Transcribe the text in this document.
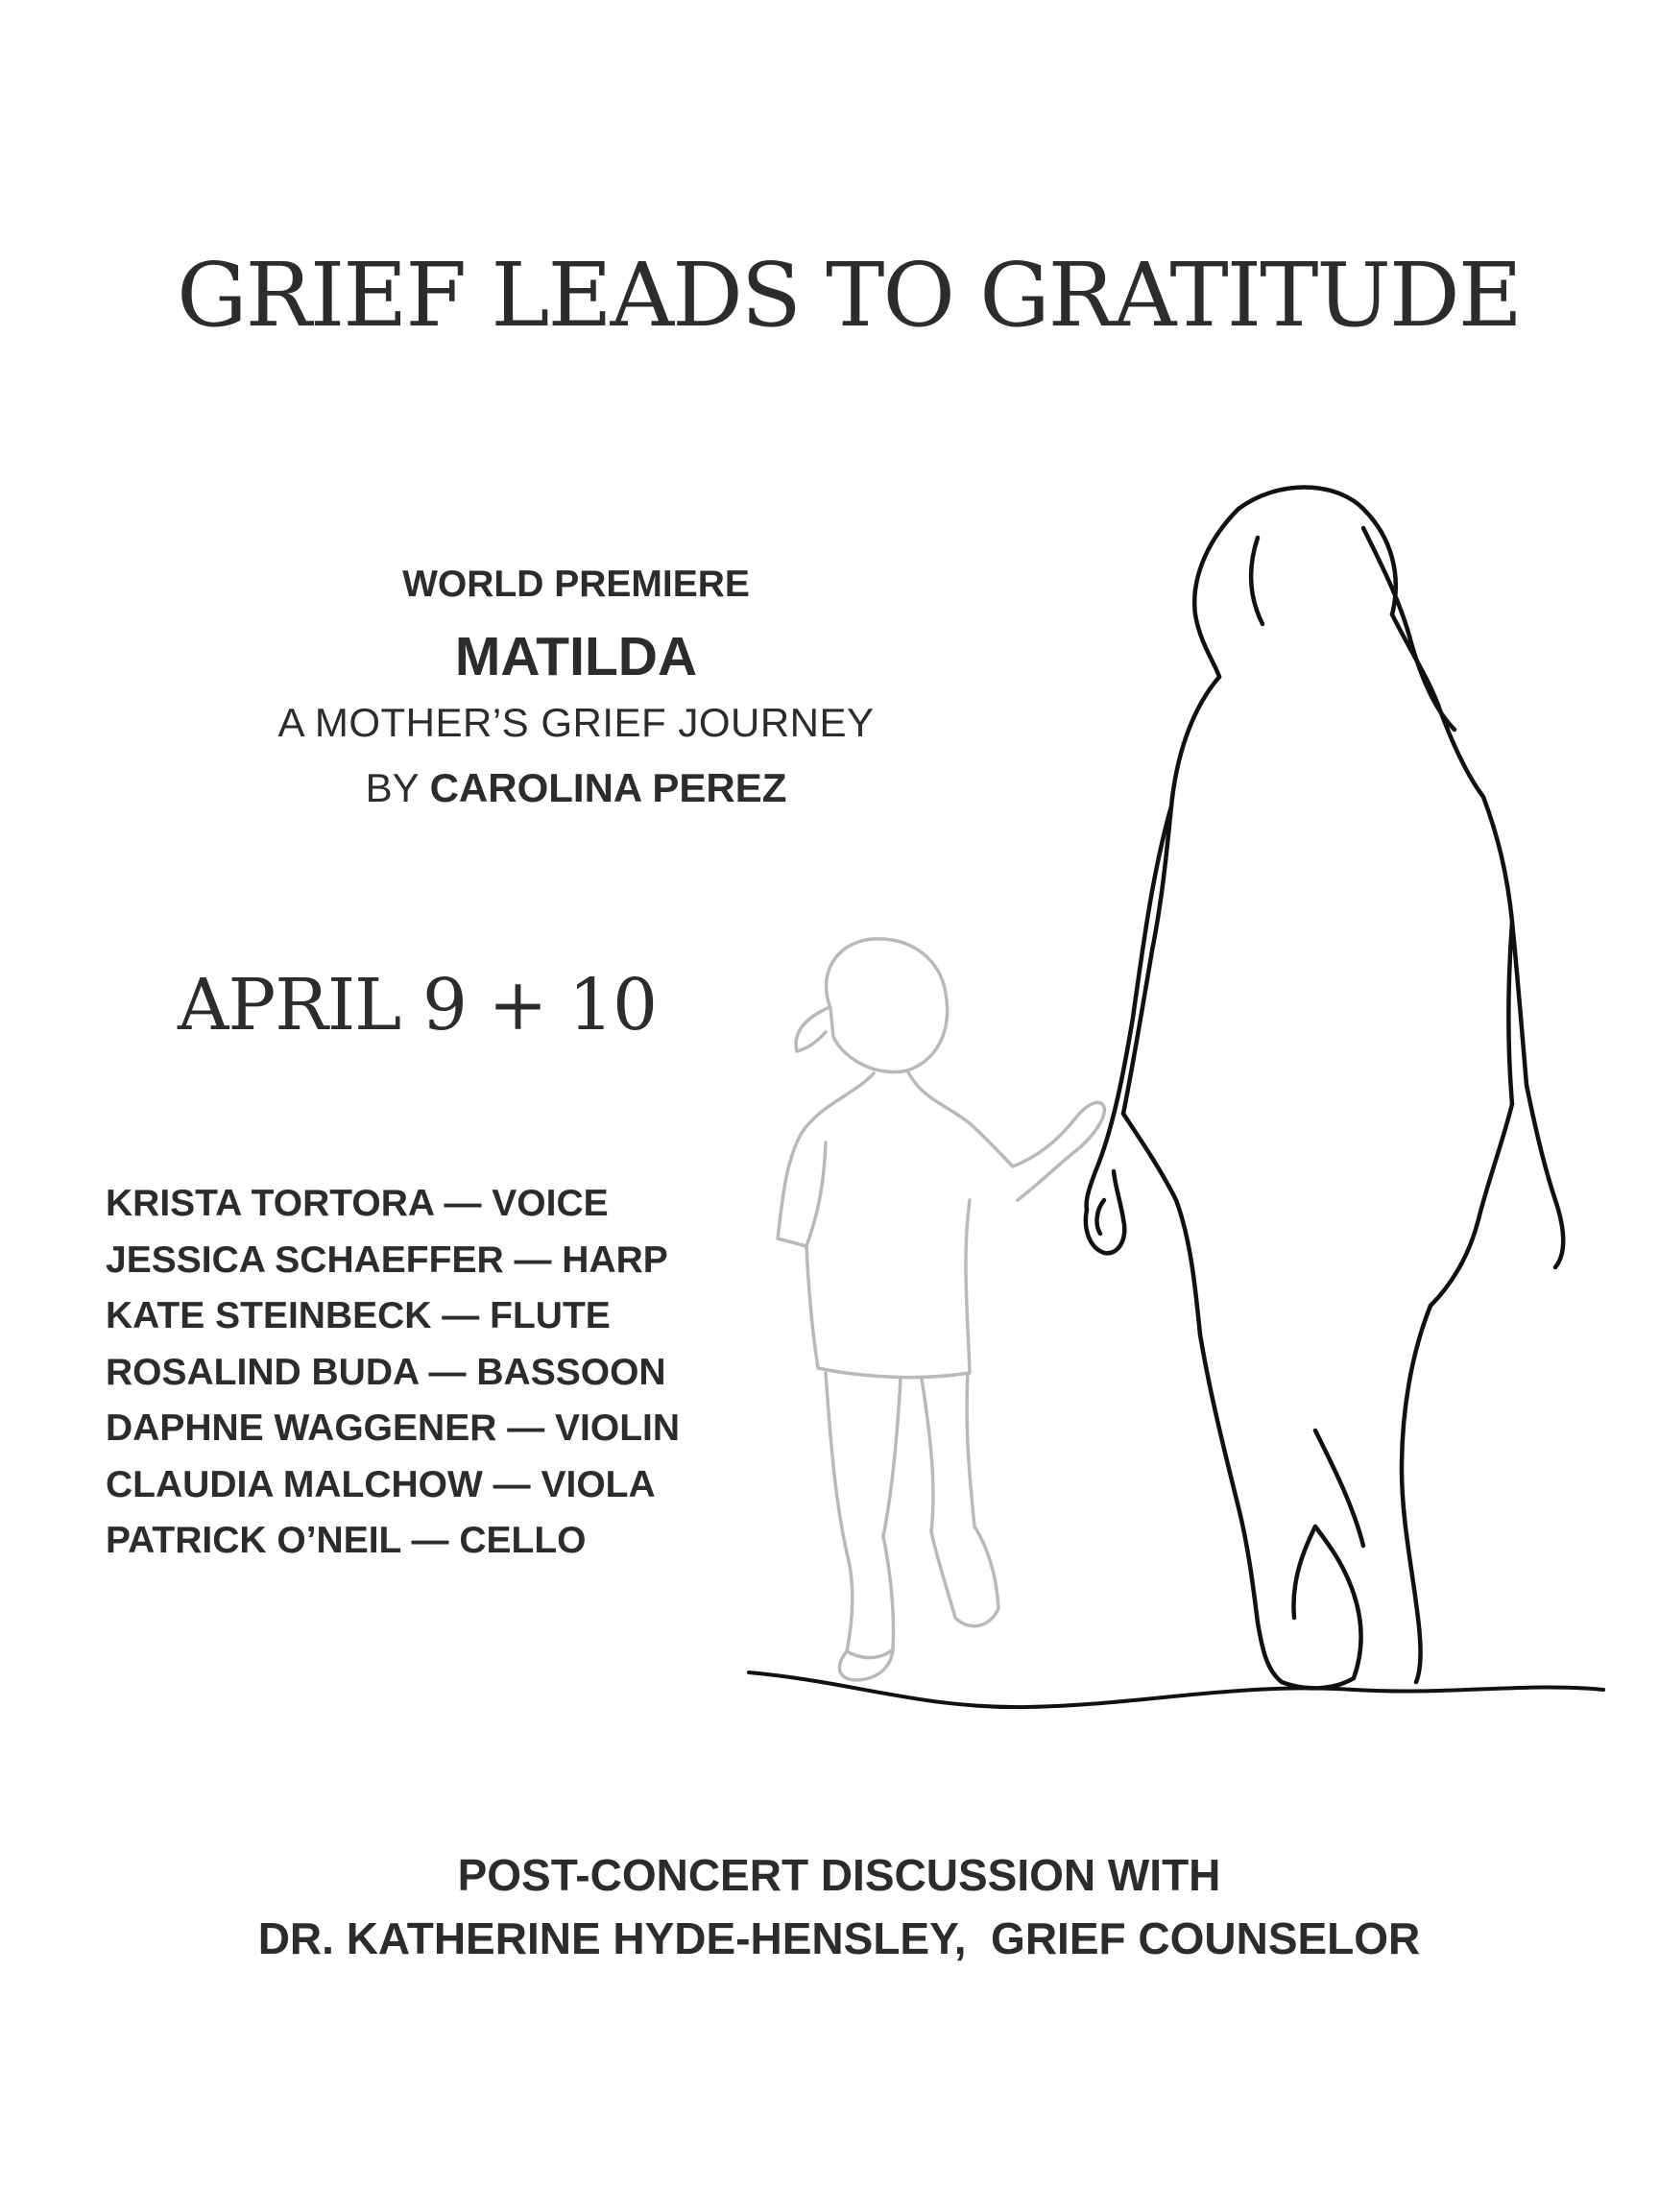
GRIEF LEADS TO GRATITUDE
WORLD PREMIERE
MATILDA
A MOTHER’S GRIEF JOURNEY
BY CAROLINA PEREZ
APRIL 9 + 10
KRISTA TORTORA — VOICE
JESSICA SCHAEFFER — HARP
KATE STEINBECK — FLUTE
ROSALIND BUDA — BASSOON
DAPHNE WAGGENER — VIOLIN
CLAUDIA MALCHOW — VIOLA
PATRICK O’NEIL — CELLO
POST-CONCERT DISCUSSION WITH
DR. KATHERINE HYDE-HENSLEY,  GRIEF COUNSELOR
